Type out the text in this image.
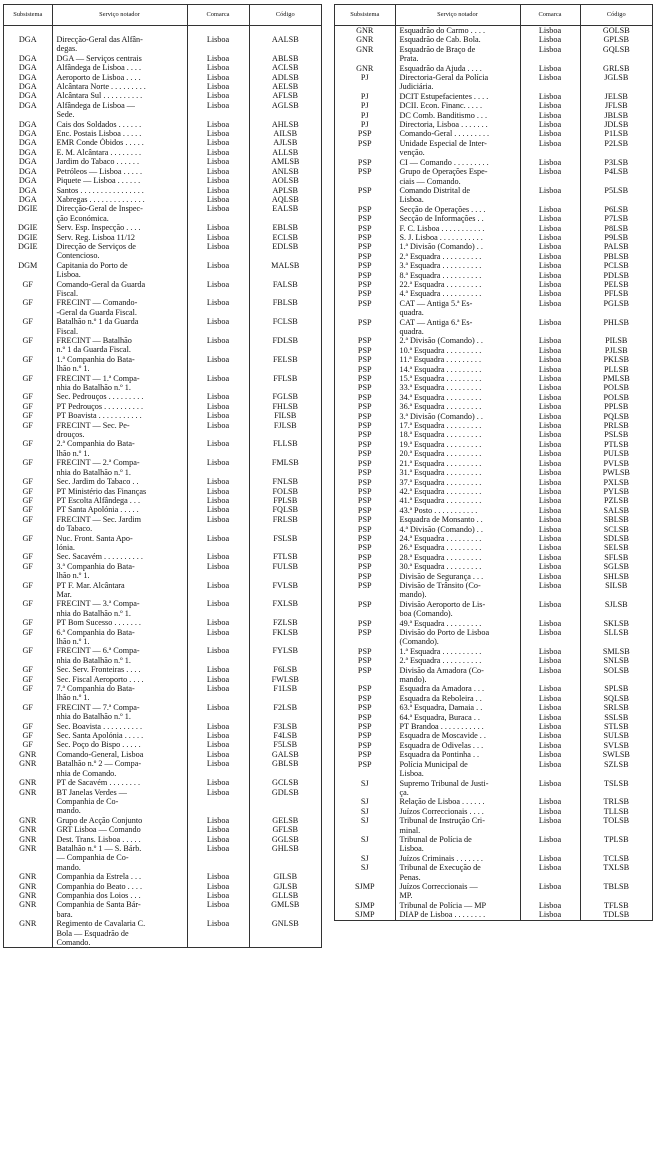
Subsistema	Serviço notador	Comarca	Código

DGA	Direcção-Geral das Alfân-
degas.	Lisboa	AALSB
DGA	DGA — Serviços centrais	Lisboa	ABLSB
DGA	Alfândega de Lisboa . . . .	Lisboa	ACLSB
DGA	Aeroporto de Lisboa . . . .	Lisboa	ADLSB
DGA	Alcântara Norte . . . . . . . . .	Lisboa	AELSB
DGA	Alcântara Sul . . . . . . . . . .	Lisboa	AFLSB
DGA	Alfândega de Lisboa —
Sede.	Lisboa	AGLSB
DGA	Cais dos Soldados . . . . . .	Lisboa	AHLSB
DGA	Enc. Postais Lisboa . . . . .	Lisboa	AILSB
DGA	EMR Conde Óbidos . . . . .	Lisboa	AJLSB
DGA	E. M. Alcântara . . . . . . . .	Lisboa	ALLSB
DGA	Jardim do Tabaco . . . . . .	Lisboa	AMLSB
DGA	Petróleos — Lisboa . . . . .	Lisboa	ANLSB
DGA	Piquete — Lisboa . . . . . .	Lisboa	AOLSB
DGA	Santos . . . . . . . . . . . . . . . .	Lisboa	APLSB
DGA	Xabregas . . . . . . . . . . . . . .	Lisboa	AQLSB
DGIE	Direcção-Geral de Inspec-
ção Económica.	Lisboa	EALSB
DGIE	Serv. Esp. Inspecção . . . .	Lisboa	EBLSB
DGIE	Serv. Reg. Lisboa 11/12	Lisboa	ECLSB
DGIE	Direcção de Serviços de
Contencioso.	Lisboa	EDLSB
DGM	Capitania do Porto de
Lisboa.	Lisboa	MALSB
GF	Comando-Geral da Guarda
Fiscal.	Lisboa	FALSB
GF	FRECINT — Comando-
-Geral da Guarda Fiscal.	Lisboa	FBLSB
GF	Batalhão n.º 1 da Guarda
Fiscal.	Lisboa	FCLSB
GF	FRECINT — Batalhão
n.º 1 da Guarda Fiscal.	Lisboa	FDLSB
GF	1.ª Companhia do Bata-
lhão n.º 1.	Lisboa	FELSB
GF	FRECINT — 1.ª Compa-
nhia do Batalhão n.º 1.	Lisboa	FFLSB
GF	Sec. Pedrouços . . . . . . . . .	Lisboa	FGLSB
GF	PT Pedrouços . . . . . . . . . .	Lisboa	FHLSB
GF	PT Boavista . . . . . . . . . . .	Lisboa	FILSB
GF	FRECINT — Sec. Pe-
drouços.	Lisboa	FJLSB
GF	2.ª Companhia do Bata-
lhão n.º 1.	Lisboa	FLLSB
GF	FRECINT — 2.ª Compa-
nhia do Batalhão n.º 1.	Lisboa	FMLSB
GF	Sec. Jardim do Tabaco . .	Lisboa	FNLSB
GF	PT Ministério das Finanças	Lisboa	FOLSB
GF	PT Escolta Alfândega . . .	Lisboa	FPLSB
GF	PT Santa Apolónia . . . . .	Lisboa	FQLSB
GF	FRECINT — Sec. Jardim
do Tabaco.	Lisboa	FRLSB
GF	Nuc. Front. Santa Apo-
lónia.	Lisboa	FSLSB
GF	Sec. Sacavém . . . . . . . . . .	Lisboa	FTLSB
GF	3.ª Companhia do Bata-
lhão n.º 1.	Lisboa	FULSB
GF	PT F. Mar. Alcântara
Mar.	Lisboa	FVLSB
GF	FRECINT — 3.ª Compa-
nhia do Batalhão n.º 1.	Lisboa	FXLSB
GF	PT Bom Sucesso . . . . . . .	Lisboa	FZLSB
GF	6.ª Companhia do Bata-
lhão n.º 1.	Lisboa	FKLSB
GF	FRECINT — 6.ª Compa-
nhia do Batalhão n.º 1.	Lisboa	FYLSB
GF	Sec. Serv. Fronteiras . . . .	Lisboa	F6LSB
GF	Sec. Fiscal Aeroporto . . . .	Lisboa	FWLSB
GF	7.ª Companhia do Bata-
lhão n.º 1.	Lisboa	F1LSB
GF	FRECINT — 7.ª Compa-
nhia do Batalhão n.º 1.	Lisboa	F2LSB
GF	Sec. Boavista . . . . . . . . . .	Lisboa	F3LSB
GF	Sec. Santa Apolónia . . . . .	Lisboa	F4LSB
GF	Sec. Poço do Bispo . . . . .	Lisboa	F5LSB
GNR	Comando-General, Lisboa	Lisboa	GALSB
GNR	Batalhão n.º 2 — Compa-
nhia de Comando.	Lisboa	GBLSB
GNR	PT de Sacavém . . . . . . . .	Lisboa	GCLSB
GNR	BT Janelas Verdes —
Companhia de Co-
mando.	Lisboa	GDLSB
GNR	Grupo de Acção Conjunto	Lisboa	GELSB
GNR	GRT Lisboa — Comando	Lisboa	GFLSB
GNR	Dest. Trans. Lisboa . . . . .	Lisboa	GGLSB
GNR	Batalhão n.º 1 — S. Bárb.
— Companhia de Co-
mando.	Lisboa	GHLSB
GNR	Companhia da Estrela . . .	Lisboa	GILSB
GNR	Companhia do Beato . . . .	Lisboa	GJLSB
GNR	Companhia dos Loios . . .	Lisboa	GLLSB
GNR	Companhia de Santa Bár-
bara.	Lisboa	GMLSB
GNR	Regimento de Cavalaria C.
Bola — Esquadrão de
Comando.	Lisboa	GNLSB
Subsistema	Serviço notador	Comarca	Código
GNR	Esquadrão do Carmo . . . .	Lisboa	GOLSB
GNR	Esquadrão de Cab. Bola.	Lisboa	GPLSB
GNR	Esquadrão de Braço de
Prata.	Lisboa	GQLSB
GNR	Esquadrão da Ajuda . . . .	Lisboa	GRLSB
PJ	Directoria-Geral da Polícia
Judiciária.	Lisboa	JGLSB
PJ	DCIT Estupefacientes . . . .	Lisboa	JELSB
PJ	DCII. Econ. Financ. . . . .	Lisboa	JFLSB
PJ	DC Comb. Banditismo . . .	Lisboa	JBLSB
PJ	Directoria, Lisboa . . . . . . .	Lisboa	JDLSB
PSP	Comando-Geral . . . . . . . . .	Lisboa	P1LSB
PSP	Unidade Especial de Inter-
venção.	Lisboa	P2LSB
PSP	CI — Comando . . . . . . . . .	Lisboa	P3LSB
PSP	Grupo de Operações Espe-
ciais — Comando.	Lisboa	P4LSB
PSP	Comando Distrital de
Lisboa.	Lisboa	P5LSB
PSP	Secção de Operações . . . .	Lisboa	P6LSB
PSP	Secção de Informações . .	Lisboa	P7LSB
PSP	F. C. Lisboa . . . . . . . . . . .	Lisboa	P8LSB
PSP	S. J. Lisboa . . . . . . . . . . .	Lisboa	P9LSB
PSP	1.ª Divisão (Comando) . .	Lisboa	PALSB
PSP	2.ª Esquadra . . . . . . . . . .	Lisboa	PBLSB
PSP	3.ª Esquadra . . . . . . . . . .	Lisboa	PCLSB
PSP	8.ª Esquadra . . . . . . . . . .	Lisboa	PDLSB
PSP	22.ª Esquadra . . . . . . . . .	Lisboa	PELSB
PSP	4.ª Esquadra . . . . . . . . . .	Lisboa	PFLSB
PSP	CAT — Antiga 5.ª Es-
quadra.	Lisboa	PGLSB
PSP	CAT — Antiga 6.ª Es-
quadra.	Lisboa	PHLSB
PSP	2.ª Divisão (Comando) . .	Lisboa	PILSB
PSP	10.ª Esquadra . . . . . . . . .	Lisboa	PJLSB
PSP	11.ª Esquadra . . . . . . . . .	Lisboa	PKLSB
PSP	14.ª Esquadra . . . . . . . . .	Lisboa	PLLSB
PSP	15.ª Esquadra . . . . . . . . .	Lisboa	PMLSB
PSP	33.ª Esquadra . . . . . . . . .	Lisboa	POLSB
PSP	34.ª Esquadra . . . . . . . . .	Lisboa	POLSB
PSP	36.ª Esquadra . . . . . . . . .	Lisboa	PPLSB
PSP	3.ª Divisão (Comando) . .	Lisboa	PQLSB
PSP	17.ª Esquadra . . . . . . . . .	Lisboa	PRLSB
PSP	18.ª Esquadra . . . . . . . . .	Lisboa	PSLSB
PSP	19.ª Esquadra . . . . . . . . .	Lisboa	PTLSB
PSP	20.ª Esquadra . . . . . . . . .	Lisboa	PULSB
PSP	21.ª Esquadra . . . . . . . . .	Lisboa	PVLSB
PSP	31.ª Esquadra . . . . . . . . .	Lisboa	PWLSB
PSP	37.ª Esquadra . . . . . . . . .	Lisboa	PXLSB
PSP	42.ª Esquadra . . . . . . . . .	Lisboa	PYLSB
PSP	41.ª Esquadra . . . . . . . . .	Lisboa	PZLSB
PSP	43.ª Posto . . . . . . . . . . .	Lisboa	SALSB
PSP	Esquadra de Monsanto . .	Lisboa	SBLSB
PSP	4.ª Divisão (Comando) . .	Lisboa	SCLSB
PSP	24.ª Esquadra . . . . . . . . .	Lisboa	SDLSB
PSP	26.ª Esquadra . . . . . . . . .	Lisboa	SELSB
PSP	28.ª Esquadra . . . . . . . . .	Lisboa	SFLSB
PSP	30.ª Esquadra . . . . . . . . .	Lisboa	SGLSB
PSP	Divisão de Segurança . . .	Lisboa	SHLSB
PSP	Divisão de Trânsito (Co-
mando).	Lisboa	SILSB
PSP	Divisão Aeroporto de Lis-
boa (Comando).	Lisboa	SJLSB
PSP	49.ª Esquadra . . . . . . . . .	Lisboa	SKLSB
PSP	Divisão do Porto de Lisboa
(Comando).	Lisboa	SLLSB
PSP	1.ª Esquadra . . . . . . . . . .	Lisboa	SMLSB
PSP	2.ª Esquadra . . . . . . . . . .	Lisboa	SNLSB
PSP	Divisão da Amadora (Co-
mando).	Lisboa	SOLSB
PSP	Esquadra da Amadora . . .	Lisboa	SPLSB
PSP	Esquadra da Reboleira . .	Lisboa	SQLSB
PSP	63.ª Esquadra, Damaia . .	Lisboa	SRLSB
PSP	64.ª Esquadra, Buraca . .	Lisboa	SSLSB
PSP	PT Brandoa . . . . . . . . . . .	Lisboa	STLSB
PSP	Esquadra de Moscavide . .	Lisboa	SULSB
PSP	Esquadra de Odivelas . . .	Lisboa	SVLSB
PSP	Esquadra da Pontinha . .	Lisboa	SWLSB
PSP	Polícia Municipal de
Lisboa.	Lisboa	SZLSB
SJ	Supremo Tribunal de Justi-
ça.	Lisboa	TSLSB
SJ	Relação de Lisboa . . . . . .	Lisboa	TRLSB
SJ	Juízos Correccionais . . . .	Lisboa	TLLSB
SJ	Tribunal de Instrução Cri-
minal.	Lisboa	TOLSB
SJ	Tribunal de Polícia de
Lisboa.	Lisboa	TPLSB
SJ	Juízos Criminais . . . . . . .	Lisboa	TCLSB
SJ	Tribunal de Execução de
Penas.	Lisboa	TXLSB
SJMP	Juízos Correccionais —
MP.	Lisboa	TBLSB
SJMP	Tribunal de Polícia — MP	Lisboa	TFLSB
SJMP	DIAP de Lisboa . . . . . . . .	Lisboa	TDLSB
